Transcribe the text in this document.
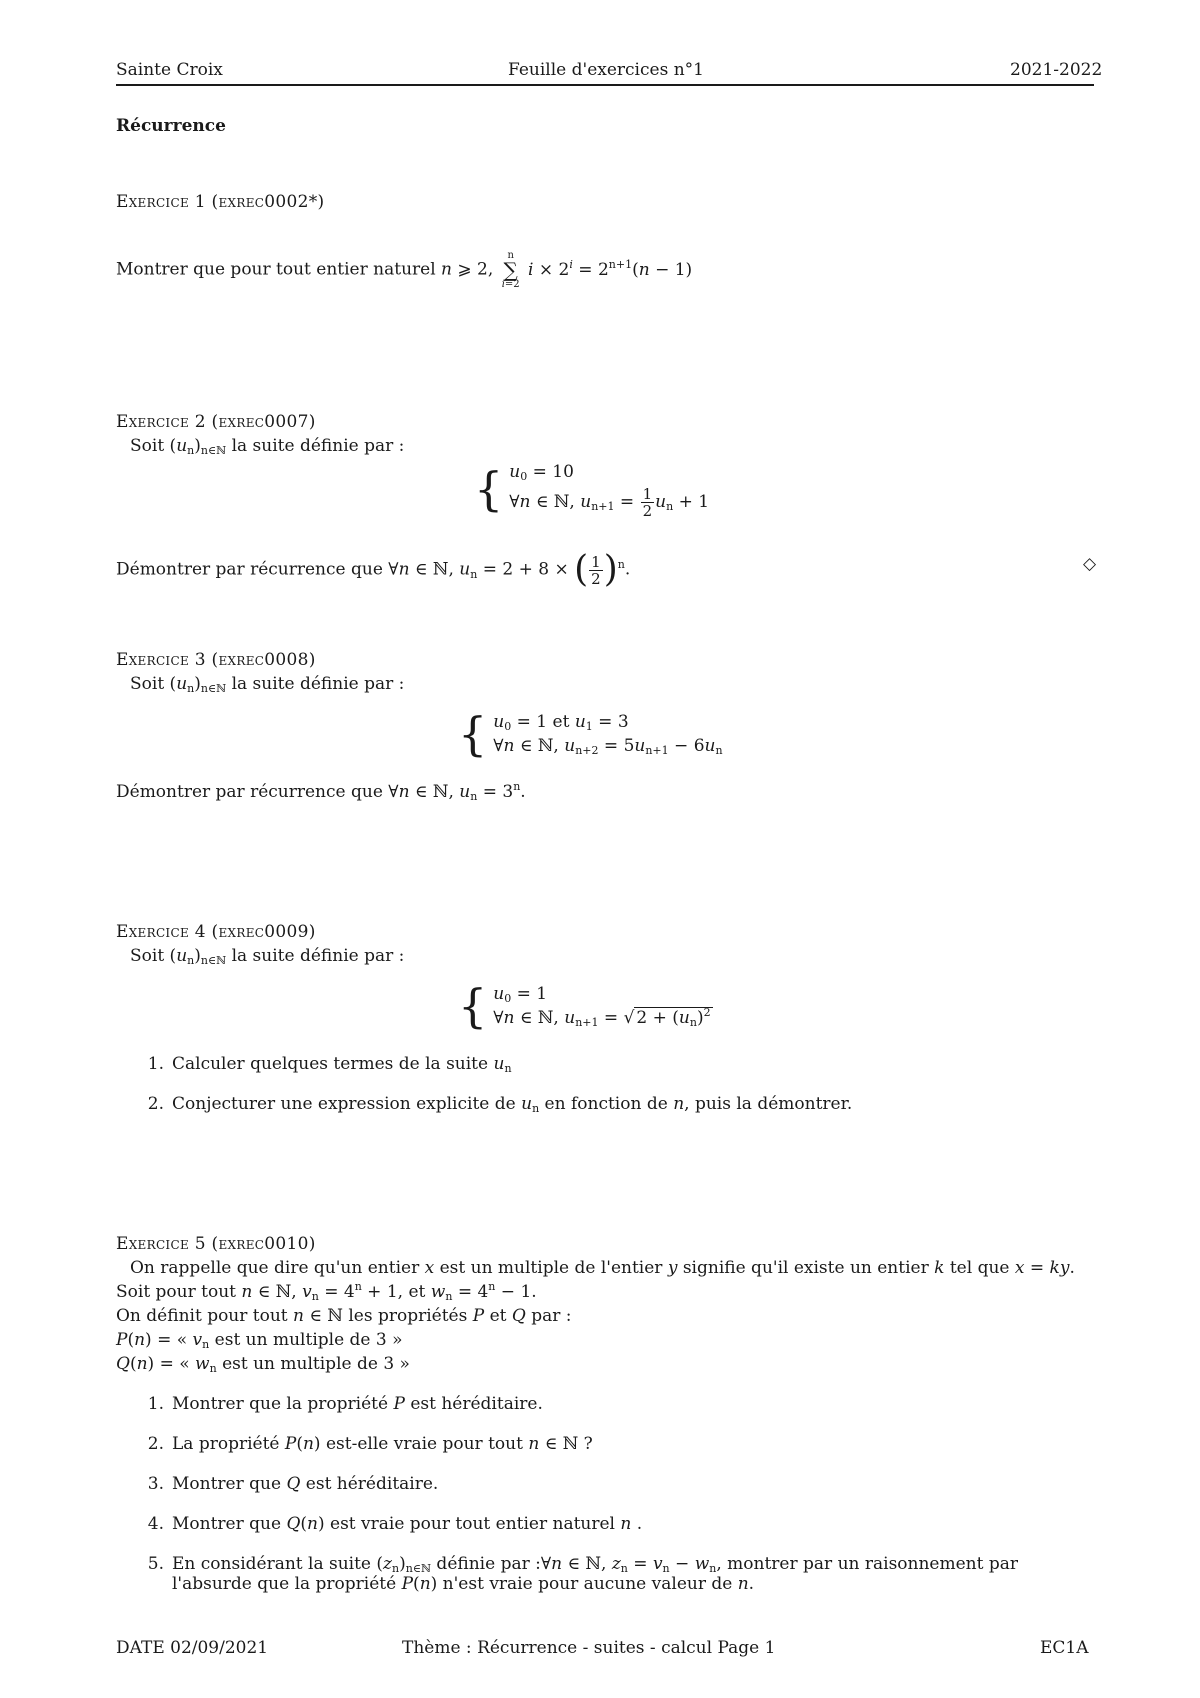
Sainte Croix	Feuille d'exercices n°1	2021-2022
Récurrence
Exercice 1 (exrec0002*)
Montrer que pour tout entier naturel n ⩾ 2,
n
∑
i=2
$i \times 2^i = 2^{n+1}(n - 1)$
Exercice 2 (exrec0007)
Soit $(u_n)_{n\in ℕ}$ la suite définie par :
{ $u_0 = 10$
∀n ∈ ℕ, $u_{n+1} = \frac{1}{2} u_n + 1$
Démontrer par récurrence que ∀n ∈ ℕ, $u_n = 2 + 8$ × ( $\frac{1}{2} )^n$.	◇
Exercice 3 (exrec0008)
Soit $(u_n)_{n\in ℕ}$ la suite définie par :
{ $u_0 = 1$ et $u_1 = 3$
∀n ∈ ℕ, $u_{n+2} = 5u_{n+1} - 6u_n$
Démontrer par récurrence que ∀n ∈ ℕ, $u_n = 3^n$.
Exercice 4 (exrec0009)
Soit $(u_n)_{n\in ℕ}$ la suite définie par :
{ $u_0 = 1$
∀n ∈ ℕ, $u_{n+1}$ = √ $2 + (u_n)^2$
1. Calculer quelques termes de la suite $u_n$
2. Conjecturer une expression explicite de $u_n$ en fonction de n, puis la démontrer.
Exercice 5 (exrec0010)
On rappelle que dire qu'un entier x est un multiple de l'entier y signifie qu'il existe un entier k tel que x = ky.
Soit pour tout n ∈ ℕ, $v_n = 4^n + 1$, et $w_n = 4^n - 1$.
On définit pour tout n ∈ ℕ les propriétés P et Q par :
P(n) = « $v_n$ est un multiple de 3 »
Q(n) = « $w_n$ est un multiple de 3 »
1. Montrer que la propriété P est héréditaire.
2. La propriété P(n) est-elle vraie pour tout n ∈ ℕ ?
3. Montrer que Q est héréditaire.
4. Montrer que Q(n) est vraie pour tout entier naturel n .
5. En considérant la suite $(z_n)_{n\in ℕ}$ définie par :∀n ∈ ℕ, $z_n = v_n - w_n$, montrer par un raisonnement par
l'absurde que la propriété P(n) n'est vraie pour aucune valeur de n.
DATE 02/09/2021	Thème : Récurrence - suites - calcul Page 1	EC1A
